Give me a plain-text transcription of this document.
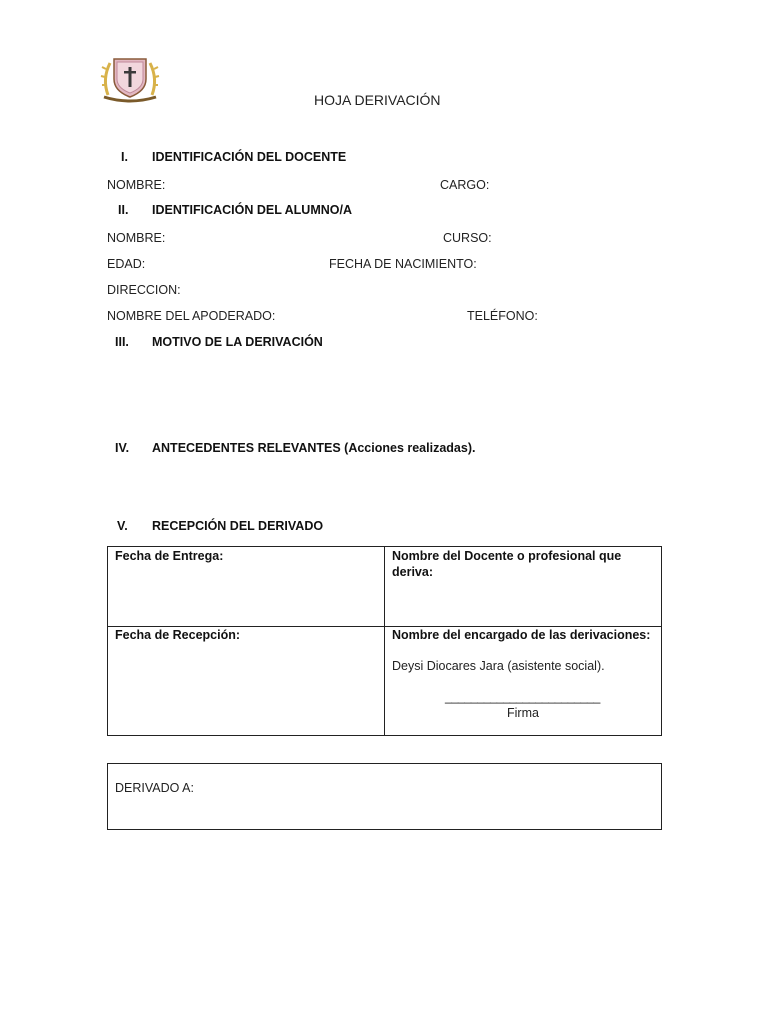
HOJA DERIVACIÓN
I. IDENTIFICACIÓN DEL DOCENTE
NOMBRE:	CARGO:
II. IDENTIFICACIÓN DEL ALUMNO/A
NOMBRE:	CURSO:
EDAD:	FECHA DE NACIMIENTO:
DIRECCION:
NOMBRE DEL APODERADO:	TELÉFONO:
III. MOTIVO DE LA DERIVACIÓN
IV. ANTECEDENTES RELEVANTES (Acciones realizadas).
V. RECEPCIÓN DEL DERIVADO
Fecha de Entrega:	Nombre del Docente o profesional que
deriva:
Fecha de Recepción:	Nombre del encargado de las derivaciones:
Deysi Diocares Jara (asistente social).
________________________
Firma
DERIVADO A:
